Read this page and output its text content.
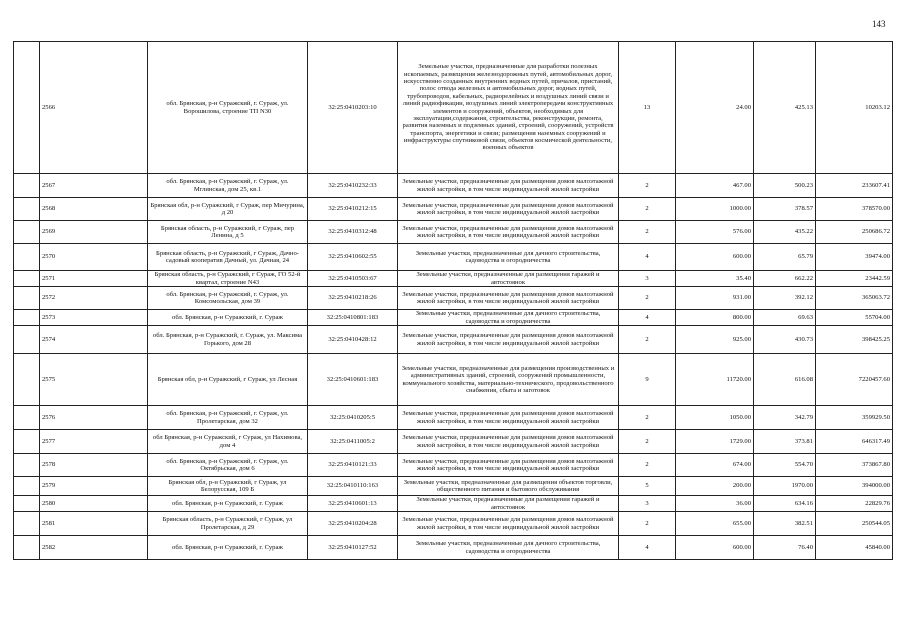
143
	2566	обл. Брянская, р-н Суражский, г. Сураж, ул. Ворошилова, строение ТП N30	32:25:0410203:10	Земельные участки, предназначенные для разработки полезных ископаемых, размещения железнодорожных путей, автомобильных дорог, искусственно созданных внутренних водных путей, причалов, пристаний, полос отвода железных и автомобильных дорог, водных путей, трубопроводов, кабельных, радиорелейных и воздушных линий связи и линий радиофикации, воздушных линий электропередачи конструктивных элементов и сооружений, объектов, необходимых для эксплуатации,содержания, строительства, реконструкции, ремонта, развития наземных и подземных зданий, строений, сооружений, устройств транспорта, энергетики и связи; размещения наземных сооружений и инфраструктуры спутниковой связи, объектов космической деятельности, военных объектов	13	24.00	425.13	10203.12
	2567	обл. Брянская, р-н Суражский, г. Сураж, ул. Мглинская, дом 25, кв.1	32:25:0410232:33	Земельные участки, предназначенные для размещения домов малоэтажной жилой застройки, в том числе индивидуальной жилой застройки	2	467.00	500.23	233607.41
	2568	Брянская обл, р-н Суражский, г Сураж, пер Мичурина, д 20	32:25:0410212:15	Земельные участки, предназначенные для размещения домов малоэтажной жилой застройки, в том числе индивидуальной жилой застройки	2	1000.00	378.57	378570.00
	2569	Брянская область, р-н Суражский, г Сураж, пер Ленина, д 5	32:25:0410312:48	Земельные участки, предназначенные для размещения домов малоэтажной жилой застройки, в том числе индивидуальной жилой застройки	2	576.00	435.22	250686.72
	2570	Брянская область, р-н Суражский, г Сураж, Дачно-садовый кооператив Дачный, ул. Дачная, 24	32:25:0410602:55	Земельные участки, предназначенные для дачного строительства, садоводства и огородничества	4	600.00	65.79	39474.00
	2571	Брянская область, р-н Суражский, г Сураж, ГО 52-й квартал, строение N43	32:25:0410503:67	Земельные участки, предназначенные для размещения гаражей и автостоянок	3	35.40	662.22	23442.59
	2572	обл. Брянская, р-н Суражский, г. Сураж, ул. Комсомольская, дом 39	32:25:0410218:26	Земельные участки, предназначенные для размещения домов малоэтажной жилой застройки, в том числе индивидуальной жилой застройки	2	931.00	392.12	365063.72
	2573	обл. Брянская, р-н Суражский, г. Сураж	32:25:0410801:183	Земельные участки, предназначенные для дачного строительства, садоводства и огородничества	4	800.00	69.63	55704.00
	2574	обл. Брянская, р-н Суражский, г. Сураж, ул. Максима Горького, дом 28	32:25:0410428:12	Земельные участки, предназначенные для размещения домов малоэтажной жилой застройки, в том числе индивидуальной жилой застройки	2	925.00	430.73	398425.25
	2575	Брянская обл, р-н Суражский, г Сураж, ул Лесная	32:25:0410601:183	Земельные участки, предназначенные для размещения производственных и административных зданий, строений, сооружений промышленности, коммунального хозяйства, материально-технического, продовольственного снабжения, сбыта и заготовок	9	11720.00	616.08	7220457.60
	2576	обл. Брянская, р-н Суражский, г. Сураж, ул. Пролетарская, дом 32	32:25:0410205:5	Земельные участки, предназначенные для размещения домов малоэтажной жилой застройки, в том числе индивидуальной жилой застройки	2	1050.00	342.79	359929.50
	2577	обл Брянская, р-н Суражский, г Сураж, ул Нахимова, дом 4	32:25:0411005:2	Земельные участки, предназначенные для размещения домов малоэтажной жилой застройки, в том числе индивидуальной жилой застройки	2	1729.00	373.81	646317.49
	2578	обл. Брянская, р-н Суражский, г. Сураж, ул. Октябрьская, дом 6	32:25:0410121:33	Земельные участки, предназначенные для размещения домов малоэтажной жилой застройки, в том числе индивидуальной жилой застройки	2	674.00	554.70	373867.80
	2579	Брянская обл, р-н Суражский, г Сураж, ул Белорусская, 109 Б	32:25:0410110:163	Земельные участки, предназначенные для размещения объектов торговли, общественного питания и бытового обслуживания	5	200.00	1970.00	394000.00
	2580	обл. Брянская, р-н Суражский, г. Сураж	32:25:0410601:13	Земельные участки, предназначенные для размещения гаражей и автостоянок	3	36.00	634.16	22829.76
	2581	Брянская область, р-н Суражский, г Сураж, ул Пролетарская, д 29	32:25:0410204:28	Земельные участки, предназначенные для размещения домов малоэтажной жилой застройки, в том числе индивидуальной жилой застройки	2	655.00	382.51	250544.05
	2582	обл. Брянская, р-н Суражский, г. Сураж	32:25:0410127:52	Земельные участки, предназначенные для дачного строительства, садоводства и огородничества	4	600.00	76.40	45840.00
